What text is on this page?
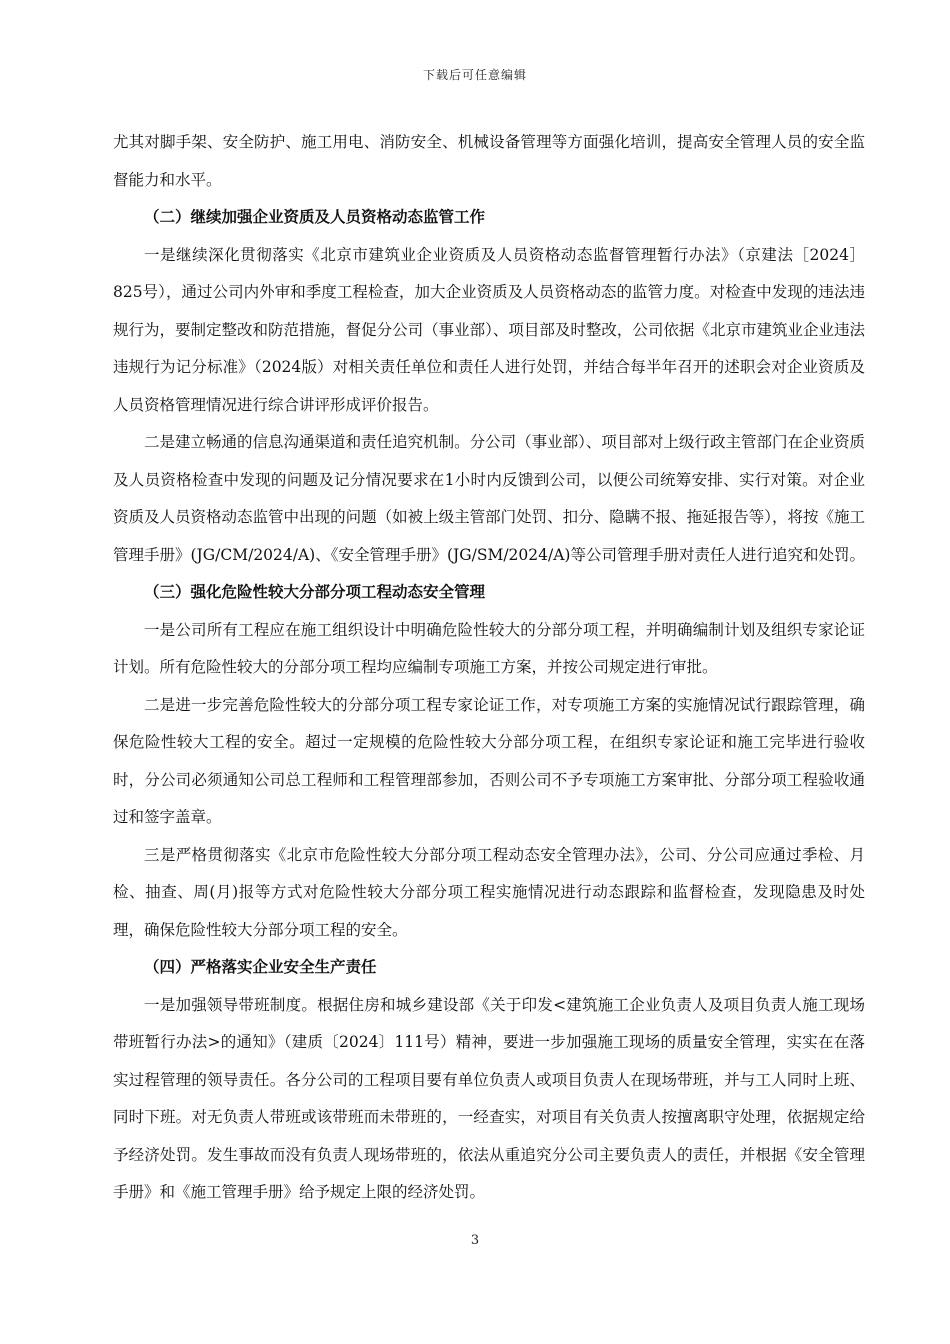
下载后可任意编辑

尤其对脚手架、安全防护、施工用电、消防安全、机械设备管理等方面强化培训，提高安全管理人员的安全监督能力和水平。

（二）继续加强企业资质及人员资格动态监管工作

一是继续深化贯彻落实《北京市建筑业企业资质及人员资格动态监督管理暂行办法》（京建法［2024］825号），通过公司内外审和季度工程检查，加大企业资质及人员资格动态的监管力度。对检查中发现的违法违规行为，要制定整改和防范措施，督促分公司（事业部）、项目部及时整改，公司依据《北京市建筑业企业违法违规行为记分标准》（2024版）对相关责任单位和责任人进行处罚，并结合每半年召开的述职会对企业资质及人员资格管理情况进行综合讲评形成评价报告。

二是建立畅通的信息沟通渠道和责任追究机制。分公司（事业部）、项目部对上级行政主管部门在企业资质及人员资格检查中发现的问题及记分情况要求在1小时内反馈到公司，以便公司统筹安排、实行对策。对企业资质及人员资格动态监管中出现的问题（如被上级主管部门处罚、扣分、隐瞒不报、拖延报告等），将按《施工管理手册》(JG/CM/2024/A)、《安全管理手册》(JG/SM/2024/A)等公司管理手册对责任人进行追究和处罚。

（三）强化危险性较大分部分项工程动态安全管理

一是公司所有工程应在施工组织设计中明确危险性较大的分部分项工程，并明确编制计划及组织专家论证计划。所有危险性较大的分部分项工程均应编制专项施工方案，并按公司规定进行审批。

二是进一步完善危险性较大的分部分项工程专家论证工作，对专项施工方案的实施情况试行跟踪管理，确保危险性较大工程的安全。超过一定规模的危险性较大分部分项工程，在组织专家论证和施工完毕进行验收时，分公司必须通知公司总工程师和工程管理部参加，否则公司不予专项施工方案审批、分部分项工程验收通过和签字盖章。

三是严格贯彻落实《北京市危险性较大分部分项工程动态安全管理办法》，公司、分公司应通过季检、月检、抽查、周(月)报等方式对危险性较大分部分项工程实施情况进行动态跟踪和监督检查，发现隐患及时处理，确保危险性较大分部分项工程的安全。

（四）严格落实企业安全生产责任

一是加强领导带班制度。根据住房和城乡建设部《关于印发<建筑施工企业负责人及项目负责人施工现场带班暂行办法>的通知》（建质〔2024〕111号）精神，要进一步加强施工现场的质量安全管理，实实在在落实过程管理的领导责任。各分公司的工程项目要有单位负责人或项目负责人在现场带班，并与工人同时上班、同时下班。对无负责人带班或该带班而未带班的，一经查实，对项目有关负责人按擅离职守处理，依据规定给予经济处罚。发生事故而没有负责人现场带班的，依法从重追究分公司主要负责人的责任，并根据《安全管理手册》和《施工管理手册》给予规定上限的经济处罚。

3
